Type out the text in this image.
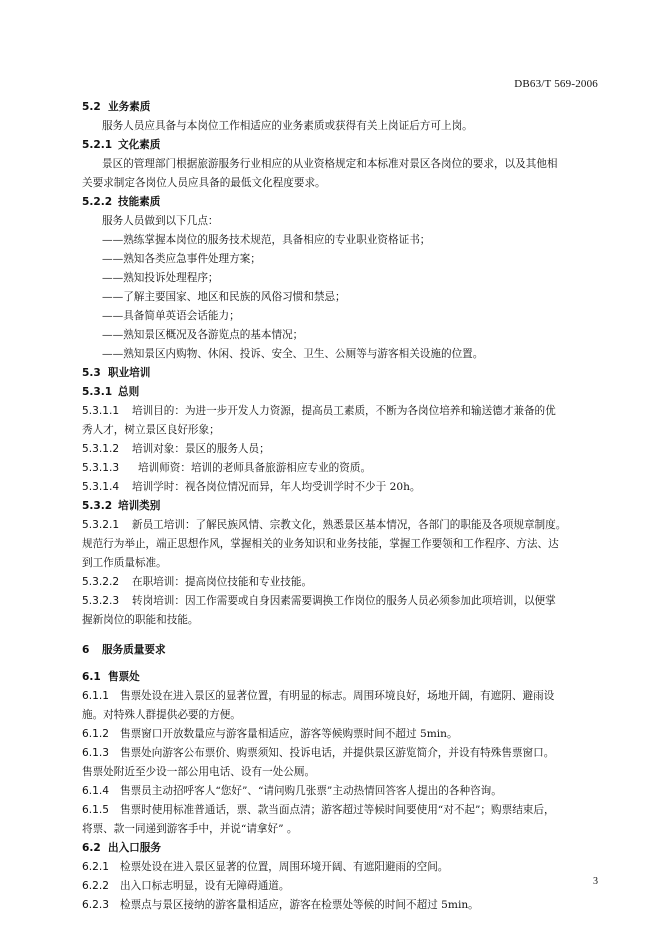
DB63/T 569-2006
5.2 业务素质
服务人员应具备与本岗位工作相适应的业务素质或获得有关上岗证后方可上岗。
5.2.1 文化素质
景区的管理部门根据旅游服务行业相应的从业资格规定和本标准对景区各岗位的要求，以及其他相
关要求制定各岗位人员应具备的最低文化程度要求。
5.2.2 技能素质
服务人员做到以下几点：
——熟练掌握本岗位的服务技术规范，具备相应的专业职业资格证书；
——熟知各类应急事件处理方案；
——熟知投诉处理程序；
——了解主要国家、地区和民族的风俗习惯和禁忌；
——具备简单英语会话能力；
——熟知景区概况及各游览点的基本情况；
——熟知景区内购物、休闲、投诉、安全、卫生、公厕等与游客相关设施的位置。
5.3 职业培训
5.3.1 总则
5.3.1.1 培训目的：为进一步开发人力资源，提高员工素质，不断为各岗位培养和输送德才兼备的优
秀人才，树立景区良好形象；
5.3.1.2 培训对象：景区的服务人员；
5.3.1.3 培训师资：培训的老师具备旅游相应专业的资质。
5.3.1.4 培训学时：视各岗位情况而异，年人均受训学时不少于 20h。
5.3.2 培训类别
5.3.2.1 新员工培训：了解民族风情、宗教文化，熟悉景区基本情况，各部门的职能及各项规章制度。
规范行为举止，端正思想作风，掌握相关的业务知识和业务技能，掌握工作要领和工作程序、方法、达
到工作质量标准。
5.3.2.2 在职培训：提高岗位技能和专业技能。
5.3.2.3 转岗培训：因工作需要或自身因素需要调换工作岗位的服务人员必须参加此项培训，以便掌
握新岗位的职能和技能。
6 服务质量要求
6.1 售票处
6.1.1 售票处设在进入景区的显著位置，有明显的标志。周围环境良好，场地开阔，有遮阴、避雨设
施。对特殊人群提供必要的方便。
6.1.2 售票窗口开放数量应与游客量相适应，游客等候购票时间不超过 5min。
6.1.3 售票处向游客公布票价、购票须知、投诉电话，并提供景区游览简介，并设有特殊售票窗口。
售票处附近至少设一部公用电话、设有一处公厕。
6.1.4 售票员主动招呼客人“您好”、“请问购几张票”主动热情回答客人提出的各种咨询。
6.1.5 售票时使用标准普通话，票、款当面点清；游客超过等候时间要使用“对不起”；购票结束后，
将票、款一同递到游客手中，并说“请拿好” 。
6.2 出入口服务
6.2.1 检票处设在进入景区显著的位置，周围环境开阔、有遮阳避雨的空间。
6.2.2 出入口标志明显，设有无障碍通道。
6.2.3 检票点与景区接纳的游客量相适应，游客在检票处等候的时间不超过 5min。
3
